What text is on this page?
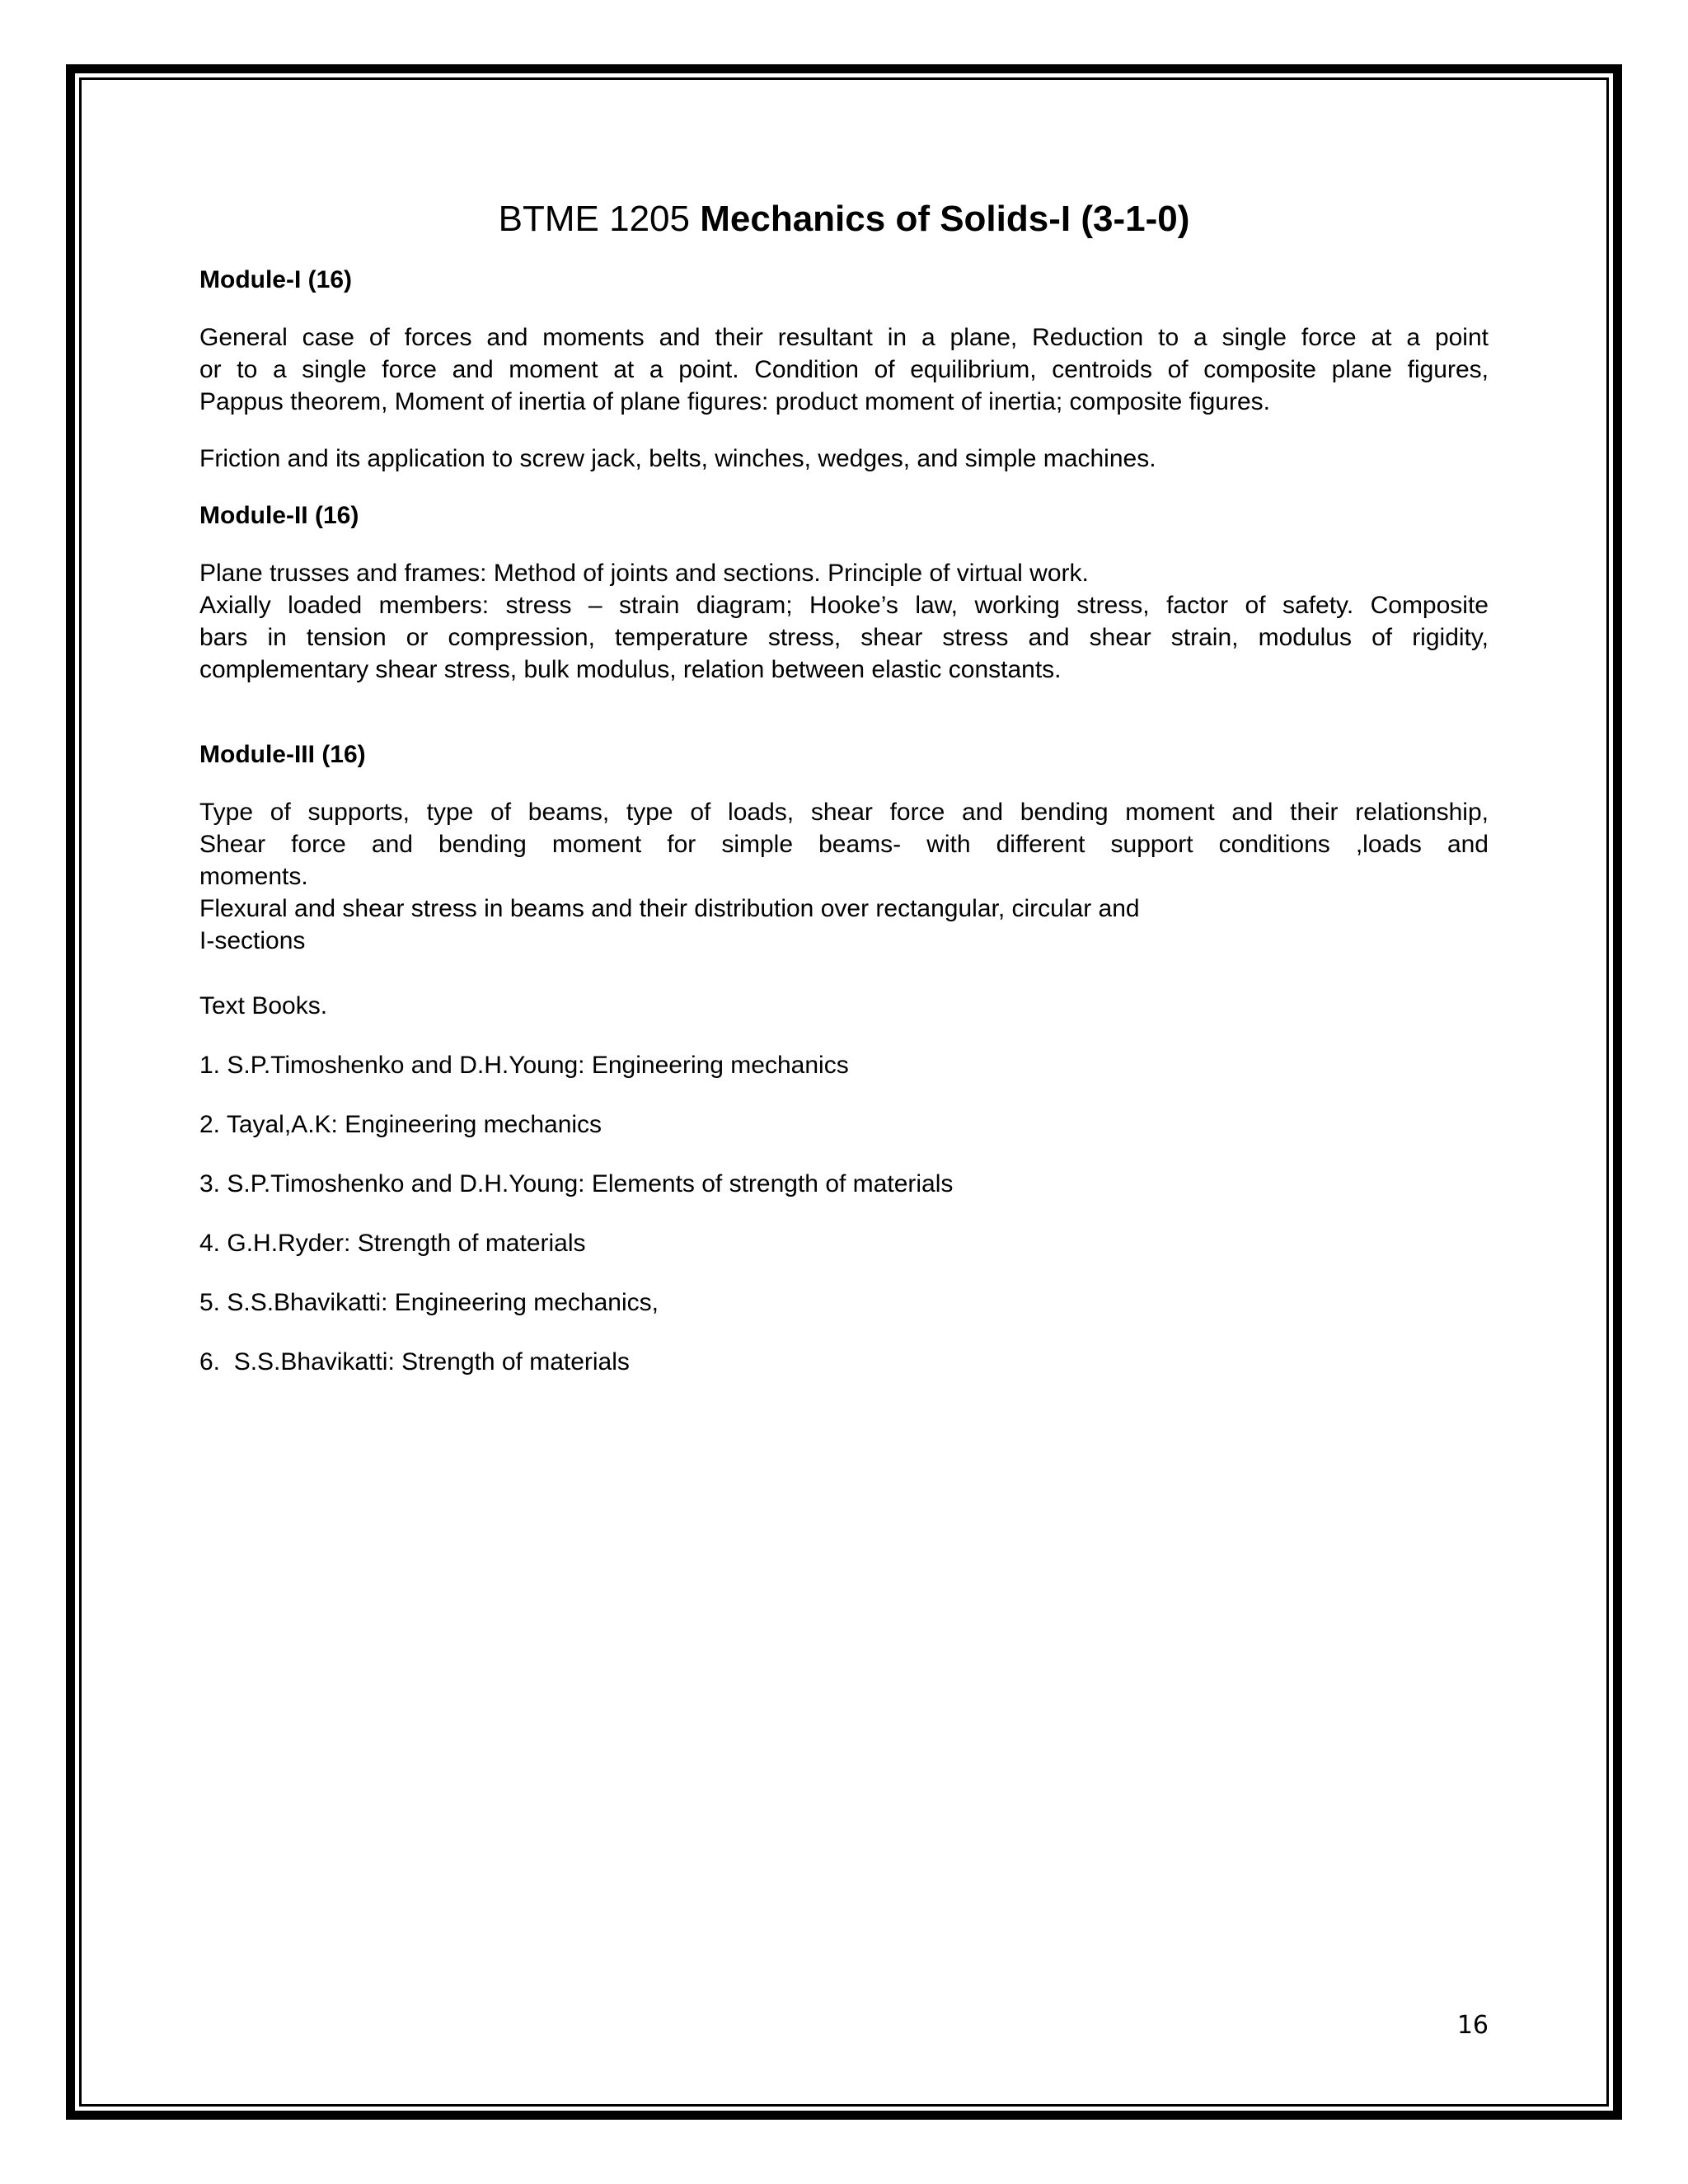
BTME 1205 Mechanics of Solids-I (3-1-0)
Module-I (16)
General case of forces and moments and their resultant in a plane, Reduction to a single force at a point
or to a single force and moment at a point. Condition of equilibrium, centroids of composite plane figures,
Pappus theorem, Moment of inertia of plane figures: product moment of inertia; composite figures.
Friction and its application to screw jack, belts, winches, wedges, and simple machines.
Module-II (16)
Plane trusses and frames: Method of joints and sections. Principle of virtual work.
Axially loaded members: stress – strain diagram; Hooke’s law, working stress, factor of safety. Composite
bars in tension or compression, temperature stress, shear stress and shear strain, modulus of rigidity,
complementary shear stress, bulk modulus, relation between elastic constants.
Module-III (16)
Type of supports, type of beams, type of loads, shear force and bending moment and their relationship,
Shear force and bending moment for simple beams- with different support conditions ,loads and
moments.
Flexural and shear stress in beams and their distribution over rectangular, circular and
I-sections
Text Books.
1. S.P.Timoshenko and D.H.Young: Engineering mechanics
2. Tayal,A.K: Engineering mechanics
3. S.P.Timoshenko and D.H.Young: Elements of strength of materials
4. G.H.Ryder: Strength of materials
5. S.S.Bhavikatti: Engineering mechanics,
6.  S.S.Bhavikatti: Strength of materials
16
